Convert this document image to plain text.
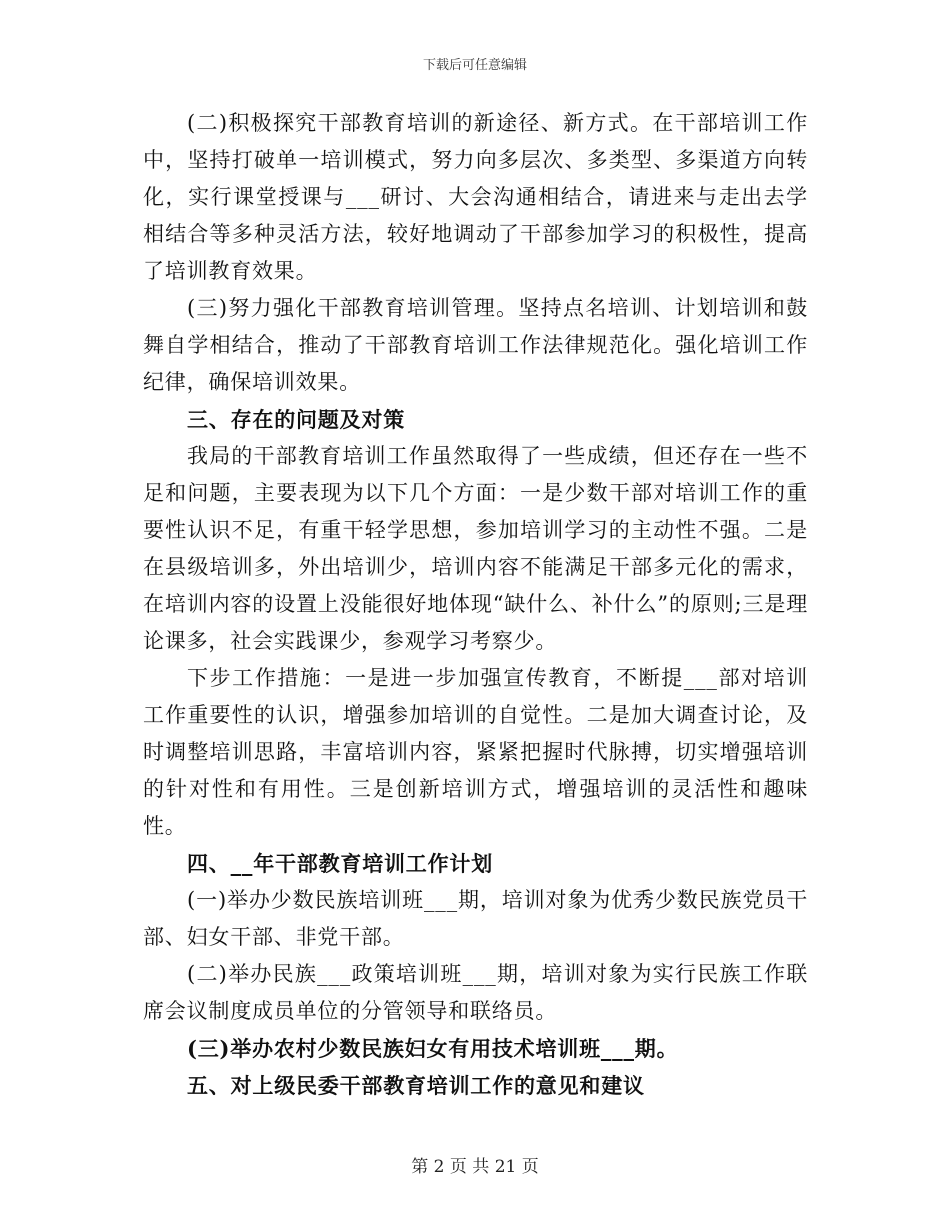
下载后可任意编辑

(二)积极探究干部教育培训的新途径、新方式。在干部培训工作中，坚持打破单一培训模式，努力向多层次、多类型、多渠道方向转化，实行课堂授课与___研讨、大会沟通相结合，请进来与走出去学相结合等多种灵活方法，较好地调动了干部参加学习的积极性，提高了培训教育效果。

(三)努力强化干部教育培训管理。坚持点名培训、计划培训和鼓舞自学相结合，推动了干部教育培训工作法律规范化。强化培训工作纪律，确保培训效果。

三、存在的问题及对策

我局的干部教育培训工作虽然取得了一些成绩，但还存在一些不足和问题，主要表现为以下几个方面：一是少数干部对培训工作的重要性认识不足，有重干轻学思想，参加培训学习的主动性不强。二是在县级培训多，外出培训少，培训内容不能满足干部多元化的需求，在培训内容的设置上没能很好地体现“缺什么、补什么”的原则;三是理论课多，社会实践课少，参观学习考察少。

下步工作措施：一是进一步加强宣传教育，不断提___部对培训工作重要性的认识，增强参加培训的自觉性。二是加大调查讨论，及时调整培训思路，丰富培训内容，紧紧把握时代脉搏，切实增强培训的针对性和有用性。三是创新培训方式，增强培训的灵活性和趣味性。

四、__年干部教育培训工作计划

(一)举办少数民族培训班___期，培训对象为优秀少数民族党员干部、妇女干部、非党干部。

(二)举办民族___政策培训班___期，培训对象为实行民族工作联席会议制度成员单位的分管领导和联络员。

(三)举办农村少数民族妇女有用技术培训班___期。

五、对上级民委干部教育培训工作的意见和建议

第 2 页 共 21 页
